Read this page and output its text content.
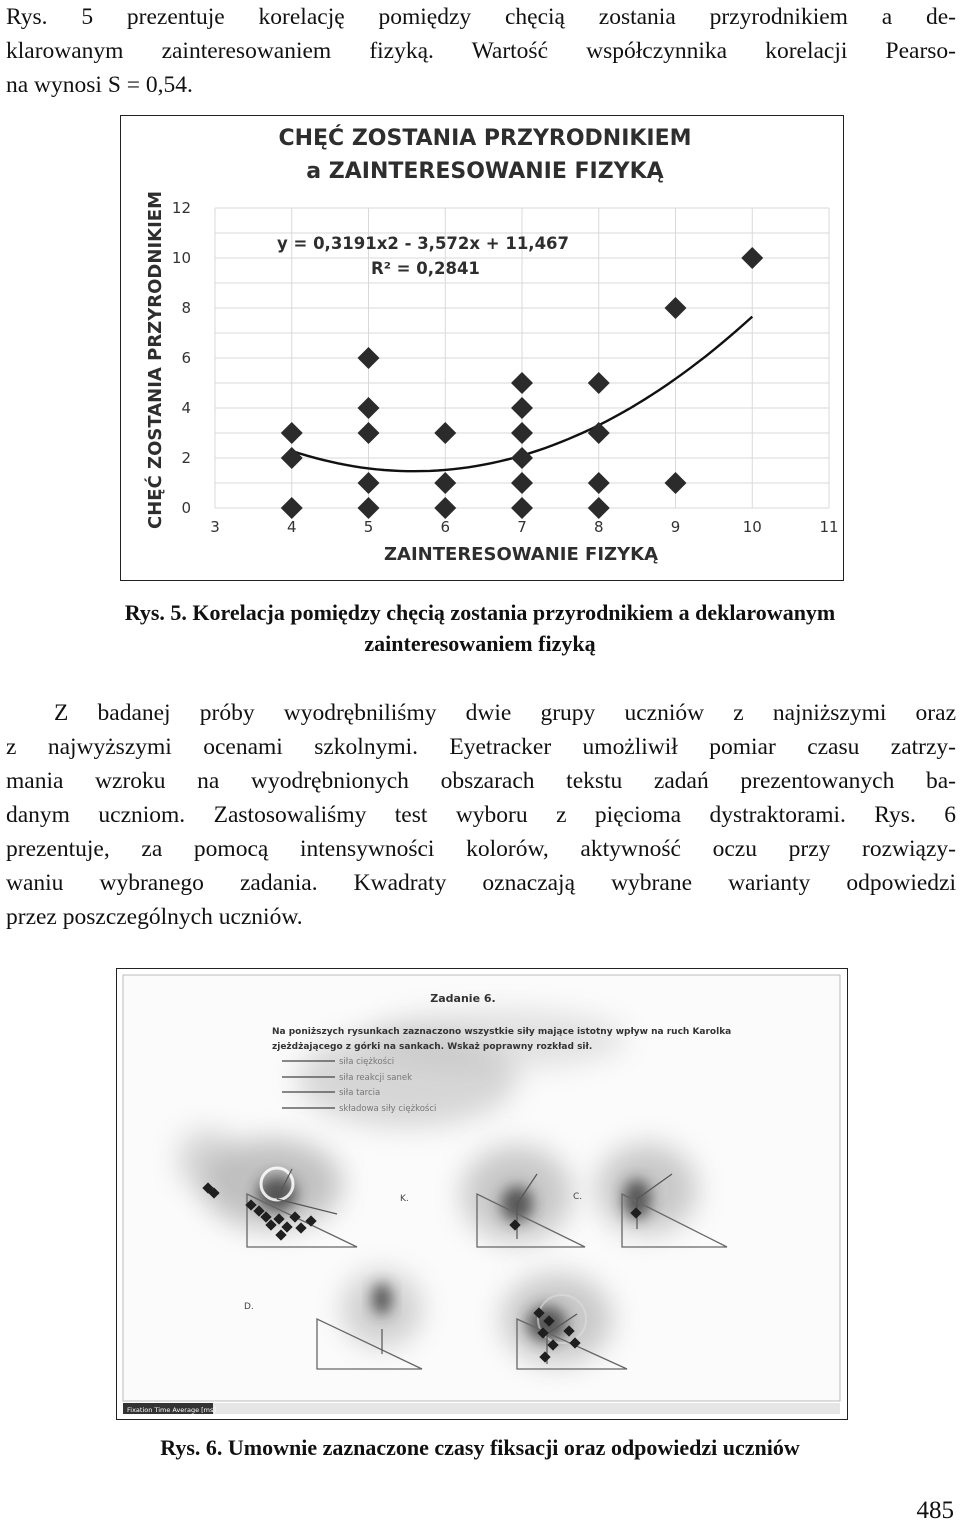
Rys. 5 prezentuje korelację pomiędzy chęcią zostania przyrodnikiem a de-
klarowanym zainteresowaniem fizyką. Wartość współczynnika korelacji Pearso-
na wynosi S = 0,54.
3	4	5	6	7	8	9	10	11
0
2
4
6
8
10
12
CHĘĆ ZOSTANIA PRZYRODNIKIEM
a ZAINTERESOWANIE FIZYKĄ
y = 0,3191x2 - 3,572x + 11,467
R² = 0,2841
ZAINTERESOWANIE FIZYKĄ
CHĘĆ ZOSTANIA PRZYRODNIKIEM
Rys. 5. Korelacja pomiędzy chęcią zostania przyrodnikiem a deklarowanym
zainteresowaniem fizyką
Z badanej próby wyodrębniliśmy dwie grupy uczniów z najniższymi oraz
z najwyższymi ocenami szkolnymi. Eyetracker umożliwił pomiar czasu zatrzy-
mania wzroku na wyodrębnionych obszarach tekstu zadań prezentowanych ba-
danym uczniom. Zastosowaliśmy test wyboru z pięcioma dystraktorami. Rys. 6
prezentuje, za pomocą intensywności kolorów, aktywność oczu przy rozwiązy-
waniu wybranego zadania. Kwadraty oznaczają wybrane warianty odpowiedzi
przez poszczególnych uczniów.
Zadanie 6.
Na poniższych rysunkach zaznaczono wszystkie siły mające istotny wpływ na ruch Karolka
zjeżdżającego z górki na sankach. Wskaż poprawny rozkład sił.
siła ciężkości
siła reakcji sanek
siła tarcia
składowa siły ciężkości
K.	C.
D.
Fixation Time Average [ms]
Rys. 6. Umownie zaznaczone czasy fiksacji oraz odpowiedzi uczniów
485
